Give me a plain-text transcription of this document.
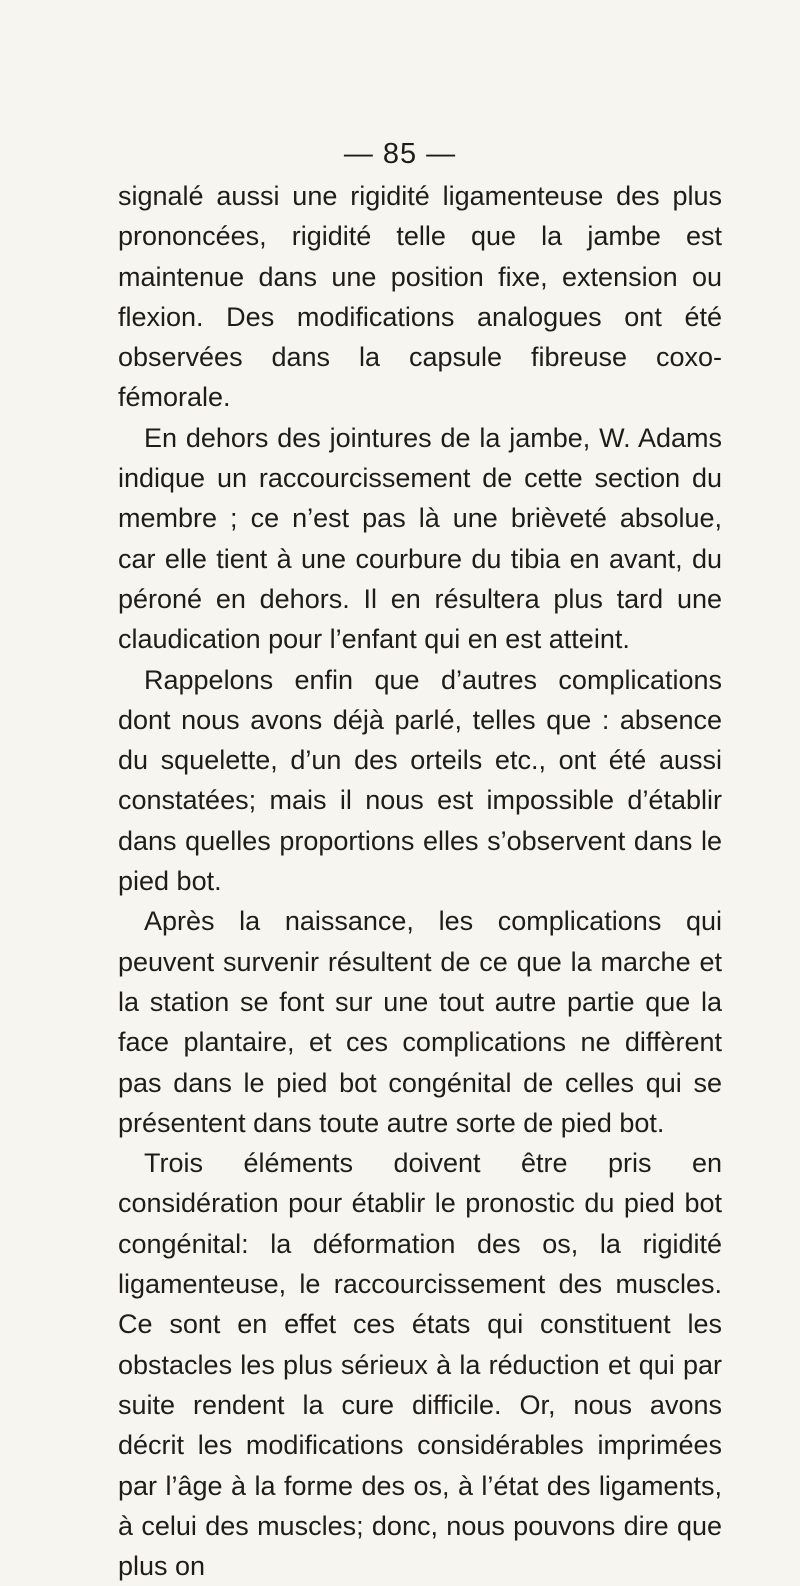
— 85 —

signalé aussi une rigidité ligamenteuse des plus prononcées, rigidité telle que la jambe est maintenue dans une position fixe, extension ou flexion. Des modifications analogues ont été observées dans la capsule fibreuse coxo-fémorale.

En dehors des jointures de la jambe, W. Adams indique un raccourcissement de cette section du membre ; ce n’est pas là une brièveté absolue, car elle tient à une courbure du tibia en avant, du péroné en dehors. Il en résultera plus tard une claudication pour l’enfant qui en est atteint.

Rappelons enfin que d’autres complications dont nous avons déjà parlé, telles que : absence du squelette, d’un des orteils etc., ont été aussi constatées; mais il nous est impossible d’établir dans quelles proportions elles s’observent dans le pied bot.

Après la naissance, les complications qui peuvent survenir résultent de ce que la marche et la station se font sur une tout autre partie que la face plantaire, et ces complications ne diffèrent pas dans le pied bot congénital de celles qui se présentent dans toute autre sorte de pied bot.

Trois éléments doivent être pris en considération pour établir le pronostic du pied bot congénital: la déformation des os, la rigidité ligamenteuse, le raccourcissement des muscles. Ce sont en effet ces états qui constituent les obstacles les plus sérieux à la réduction et qui par suite rendent la cure difficile. Or, nous avons décrit les modifications considérables imprimées par l’âge à la forme des os, à l’état des ligaments, à celui des muscles; donc, nous pouvons dire que plus on
